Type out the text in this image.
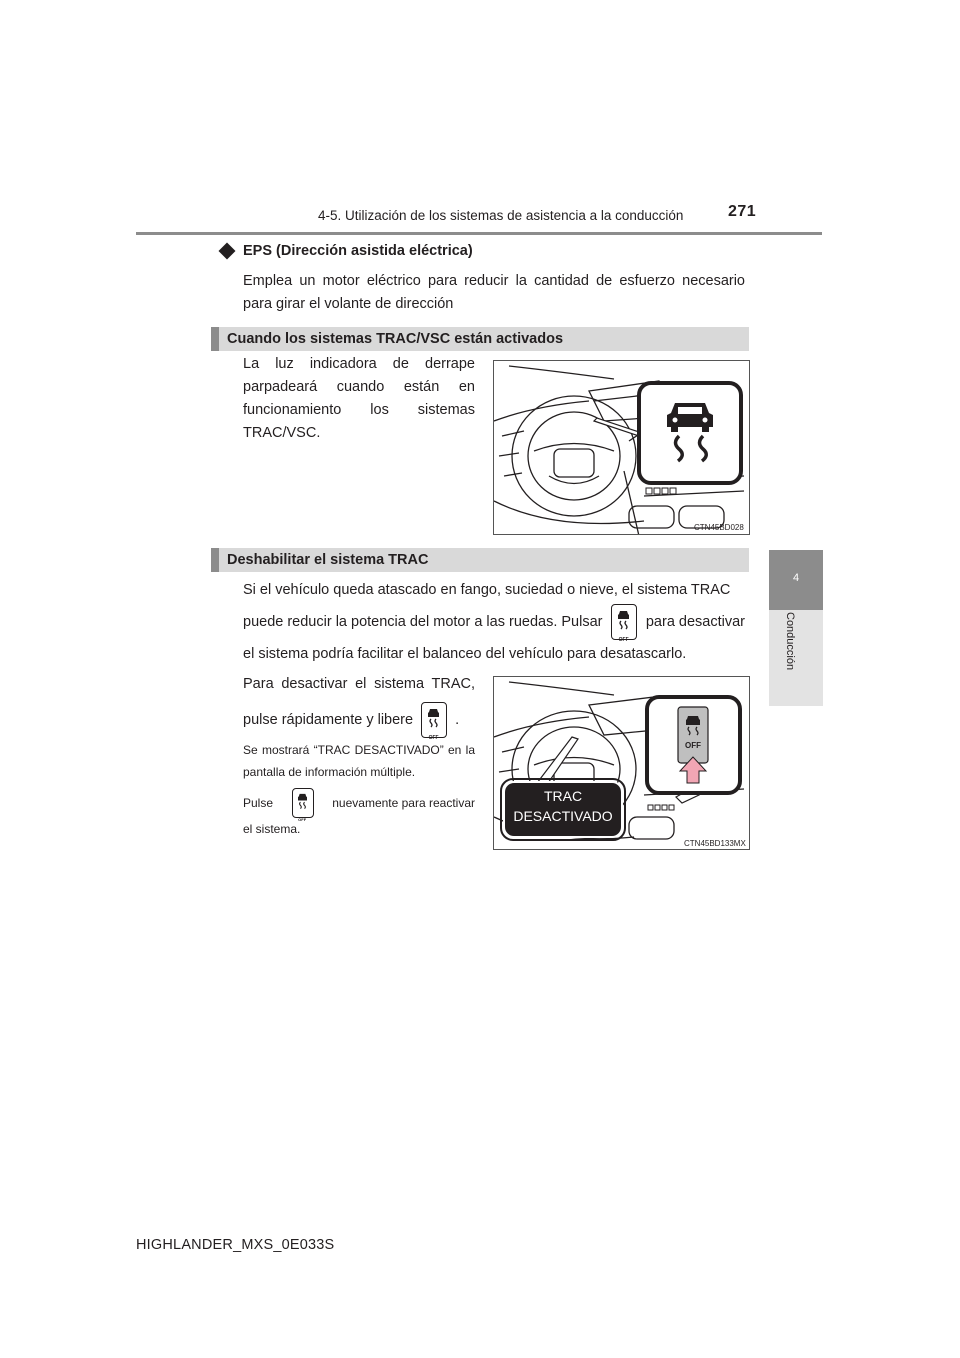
4-5. Utilización de los sistemas de asistencia a la conducción	271
4
Conducción
EPS (Dirección asistida eléctrica)
Emplea un motor eléctrico para reducir la cantidad de esfuerzo necesario para girar el volante de dirección
Cuando los sistemas TRAC/VSC están activados
La luz indicadora de derrape parpadeará cuando están en funcionamiento los sistemas TRAC/VSC.
CTN45BD028
Deshabilitar el sistema TRAC
Si el vehículo queda atascado en fango, suciedad o nieve, el sistema TRAC
puede reducir la potencia del motor a las ruedas. Pulsar
OFF
para desactivar
el sistema podría facilitar el balanceo del vehículo para desatascarlo.
Para desactivar el sistema TRAC,
pulse rápidamente y libere
OFF
.
Se mostrará “TRAC DESACTIVADO” en la pantalla de información múltiple.
Pulse
OFF
nuevamente para reactivar
el sistema.
OFF
TRAC
DESACTIVADO
CTN45BD133MX
HIGHLANDER_MXS_0E033S
